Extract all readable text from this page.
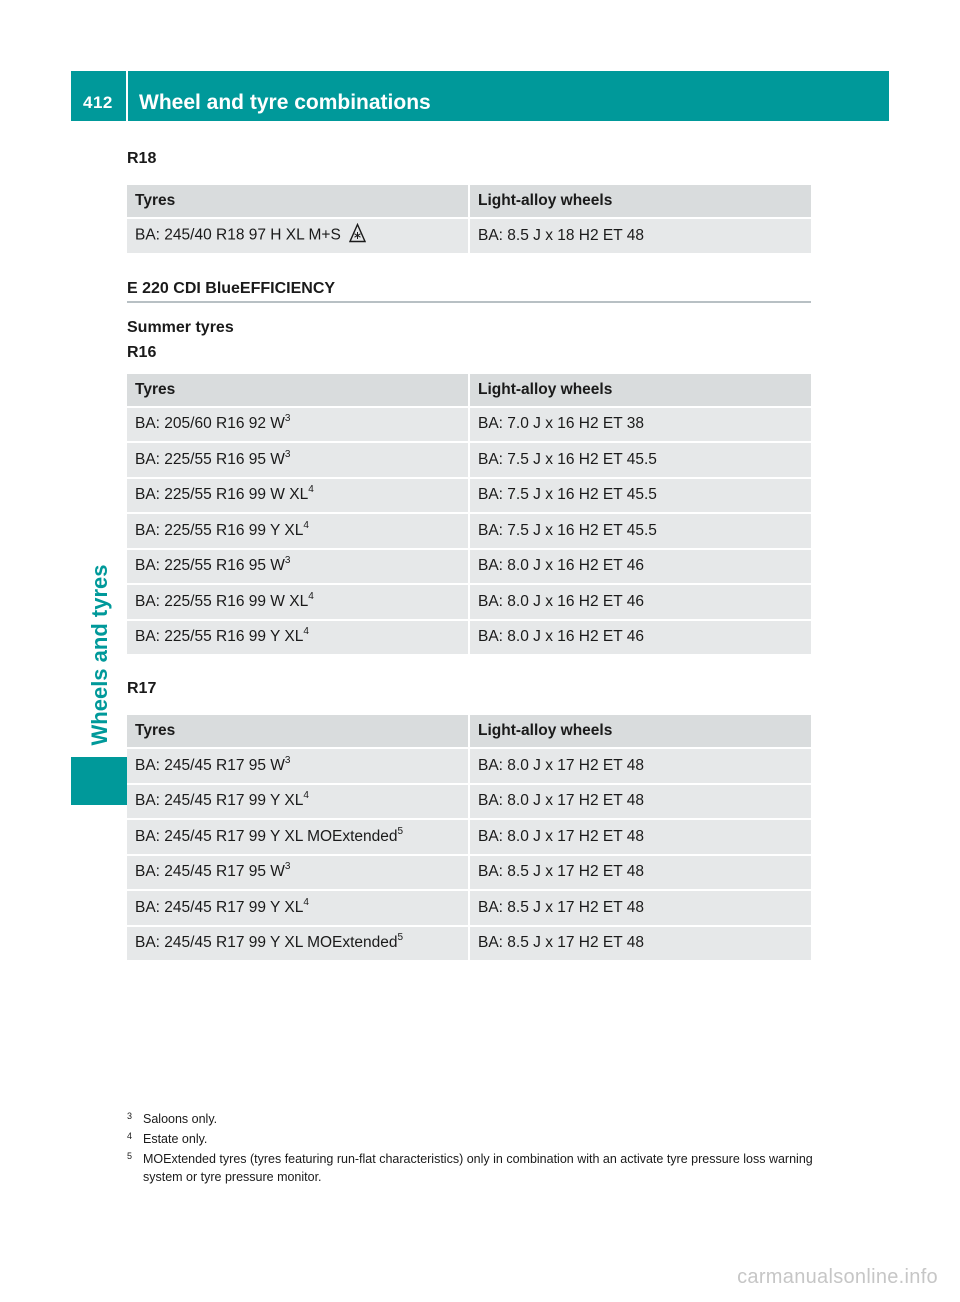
412 Wheel and tyre combinations
Wheels and tyres

R18

Tyres	Light-alloy wheels
BA: 245/40 R18 97 H XL M+S	BA: 8.5 J x 18 H2 ET 48

E 220 CDI BlueEFFICIENCY

Summer tyres

R16

Tyres	Light-alloy wheels
BA: 205/60 R16 92 $W^3$	BA: 7.0 J x 16 H2 ET 38
BA: 225/55 R16 95 $W^3$	BA: 7.5 J x 16 H2 ET 45.5
BA: 225/55 R16 99 W $XL^4$	BA: 7.5 J x 16 H2 ET 45.5
BA: 225/55 R16 99 Y $XL^4$	BA: 7.5 J x 16 H2 ET 45.5
BA: 225/55 R16 95 $W^3$	BA: 8.0 J x 16 H2 ET 46
BA: 225/55 R16 99 W $XL^4$	BA: 8.0 J x 16 H2 ET 46
BA: 225/55 R16 99 Y $XL^4$	BA: 8.0 J x 16 H2 ET 46

R17

Tyres	Light-alloy wheels
BA: 245/45 R17 95 $W^3$	BA: 8.0 J x 17 H2 ET 48
BA: 245/45 R17 99 Y $XL^4$	BA: 8.0 J x 17 H2 ET 48
BA: 245/45 R17 99 Y XL MOExtended$^5$	BA: 8.0 J x 17 H2 ET 48
BA: 245/45 R17 95 $W^3$	BA: 8.5 J x 17 H2 ET 48
BA: 245/45 R17 99 Y $XL^4$	BA: 8.5 J x 17 H2 ET 48
BA: 245/45 R17 99 Y XL MOExtended$^5$	BA: 8.5 J x 17 H2 ET 48
3 Saloons only.
4 Estate only.
5 MOExtended tyres (tyres featuring run-flat characteristics) only in combination with an activate tyre pressure loss warning system or tyre pressure monitor.
carmanualsonline.info
